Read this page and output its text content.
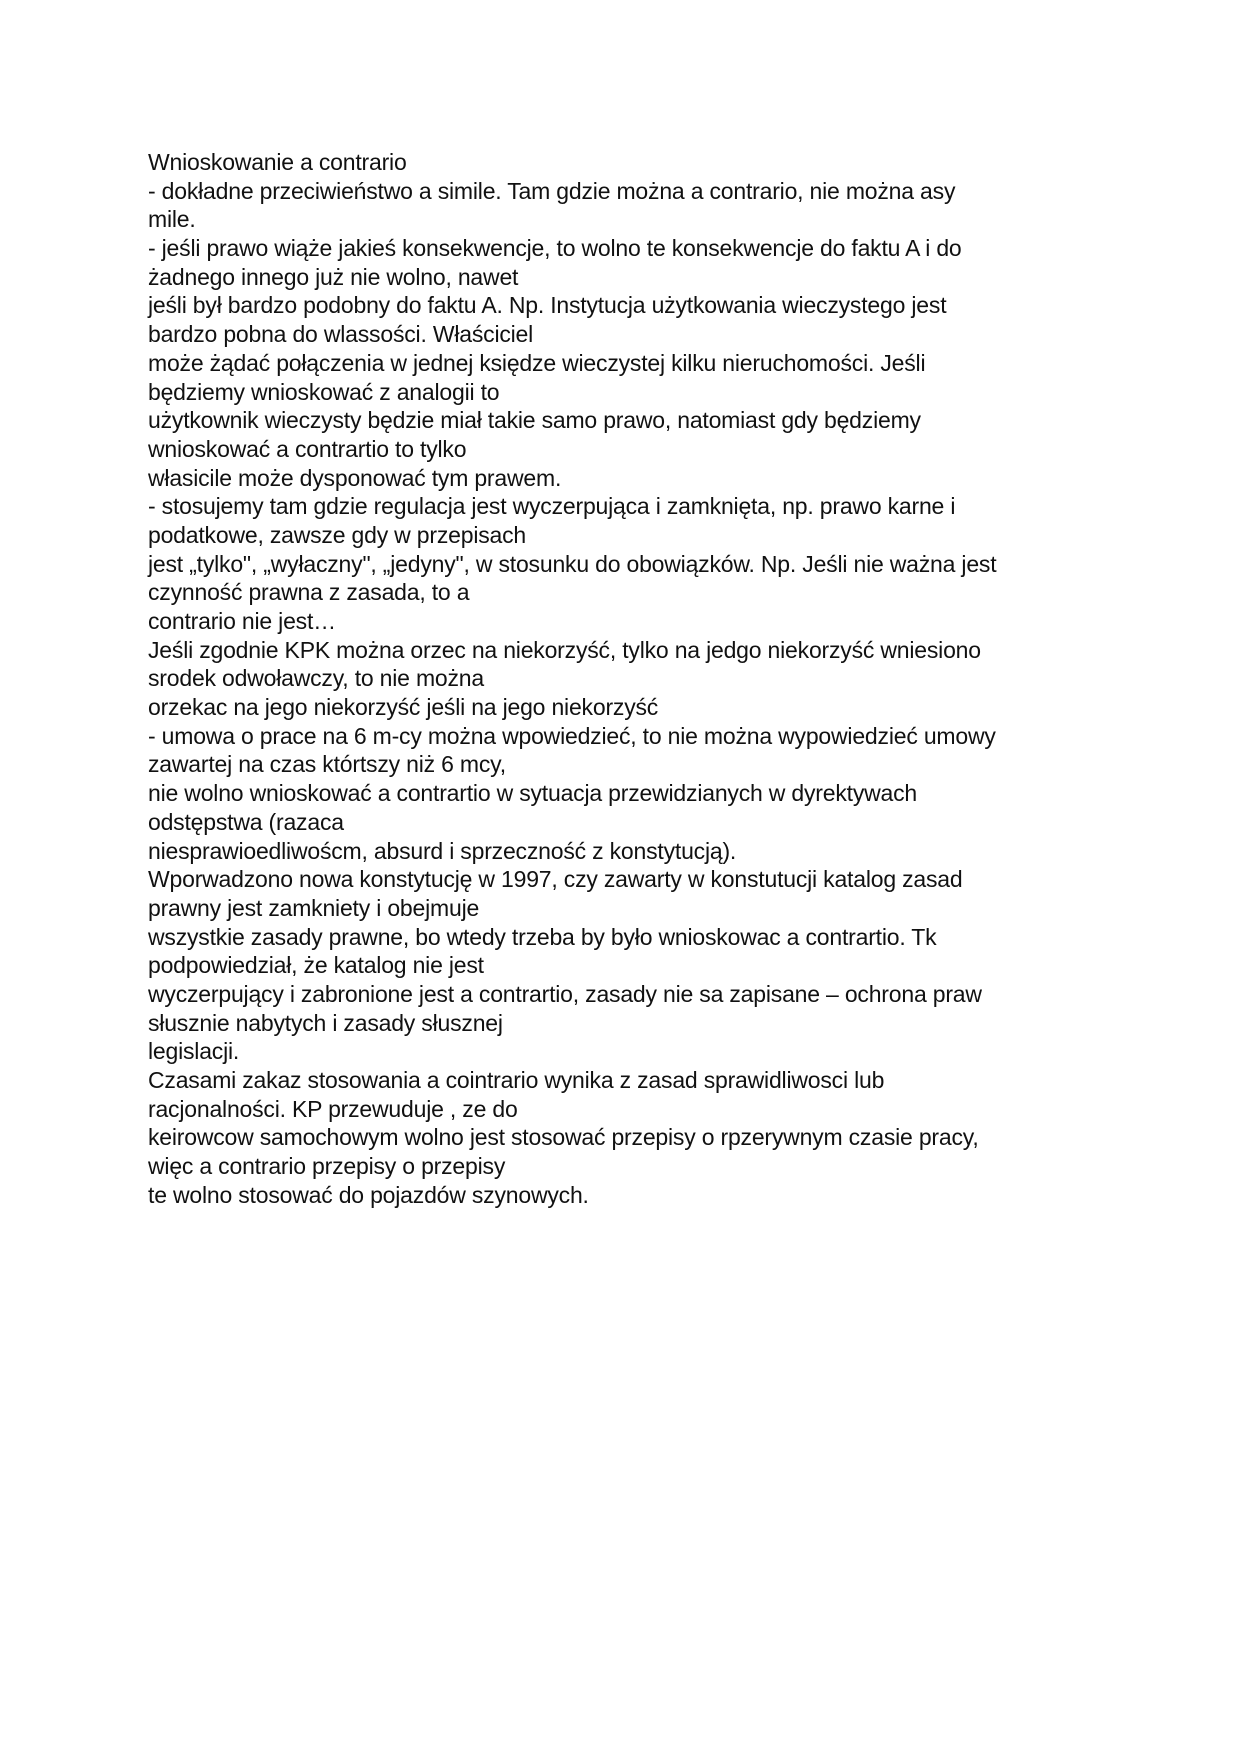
Wnioskowanie a contrario
- dokładne przeciwieństwo a simile. Tam gdzie można a contrario, nie można asy
mile.
- jeśli prawo wiąże jakieś konsekwencje, to wolno te konsekwencje do faktu A i do
żadnego innego już nie wolno, nawet
jeśli był bardzo podobny do faktu A. Np. Instytucja użytkowania wieczystego jest
bardzo pobna do wlassości. Właściciel
może żądać połączenia w jednej księdze wieczystej kilku nieruchomości. Jeśli
będziemy wnioskować z analogii to
użytkownik wieczysty będzie miał takie samo prawo, natomiast gdy będziemy
wnioskować a contrartio to tylko
własicile może dysponować tym prawem.
- stosujemy tam gdzie regulacja jest wyczerpująca i zamknięta, np. prawo karne i
podatkowe, zawsze gdy w przepisach
jest „tylko", „wyłaczny", „jedyny", w stosunku do obowiązków. Np. Jeśli nie ważna jest
czynność prawna z zasada, to a
contrario nie jest…
Jeśli zgodnie KPK można orzec na niekorzyść, tylko na jedgo niekorzyść wniesiono
srodek odwoławczy, to nie można
orzekac na jego niekorzyść jeśli na jego niekorzyść
- umowa o prace na 6 m-cy można wpowiedzieć, to nie można wypowiedzieć umowy
zawartej na czas którtszy niż 6 mcy,
nie wolno wnioskować a contrartio w sytuacja przewidzianych w dyrektywach
odstępstwa (razaca
niesprawioedliwoścm, absurd i sprzeczność z konstytucją).
Wporwadzono nowa konstytucję w 1997, czy zawarty w konstutucji katalog zasad
prawny jest zamkniety i obejmuje
wszystkie zasady prawne, bo wtedy trzeba by było wnioskowac a contrartio. Tk
podpowiedział, że katalog nie jest
wyczerpujący i zabronione jest a contrartio, zasady nie sa zapisane – ochrona praw
słusznie nabytych i zasady słusznej
legislacji.
Czasami zakaz stosowania a cointrario wynika z zasad sprawidliwosci lub
racjonalności. KP przewuduje , ze do
keirowcow samochowym wolno jest stosować przepisy o rpzerywnym czasie pracy,
więc a contrario przepisy o przepisy
te wolno stosować do pojazdów szynowych.
